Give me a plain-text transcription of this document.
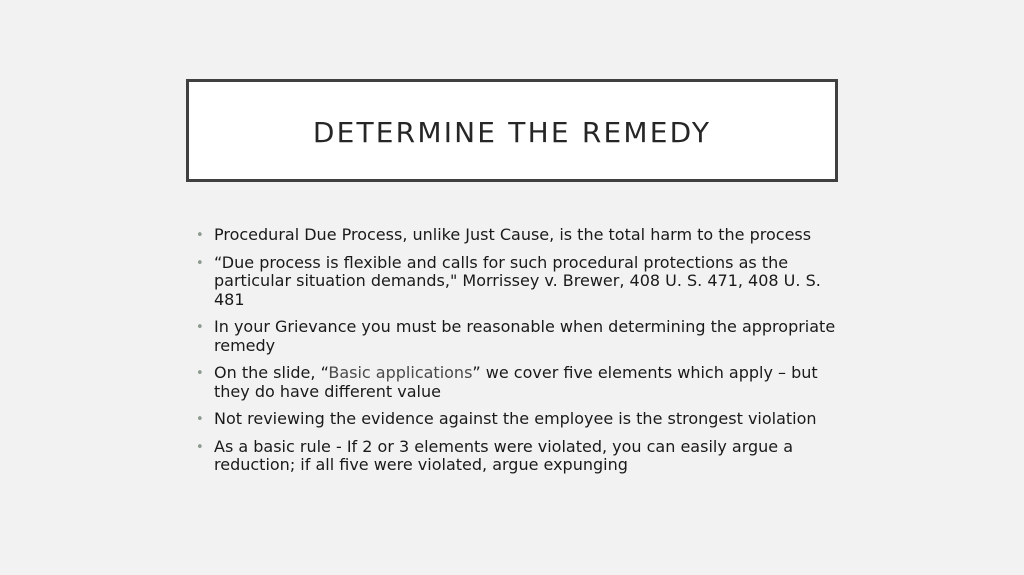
DETERMINE THE REMEDY
• Procedural Due Process, unlike Just Cause, is the total harm to the process
• “Due process is flexible and calls for such procedural protections as the particular situation demands," Morrissey v. Brewer, 408 U. S. 471, 408 U. S. 481
• In your Grievance you must be reasonable when determining the appropriate remedy
• On the slide, “Basic applications” we cover five elements which apply – but they do have different value
• Not reviewing the evidence against the employee is the strongest violation
• As a basic rule - If 2 or 3 elements were violated, you can easily argue a reduction; if all five were violated, argue expunging
